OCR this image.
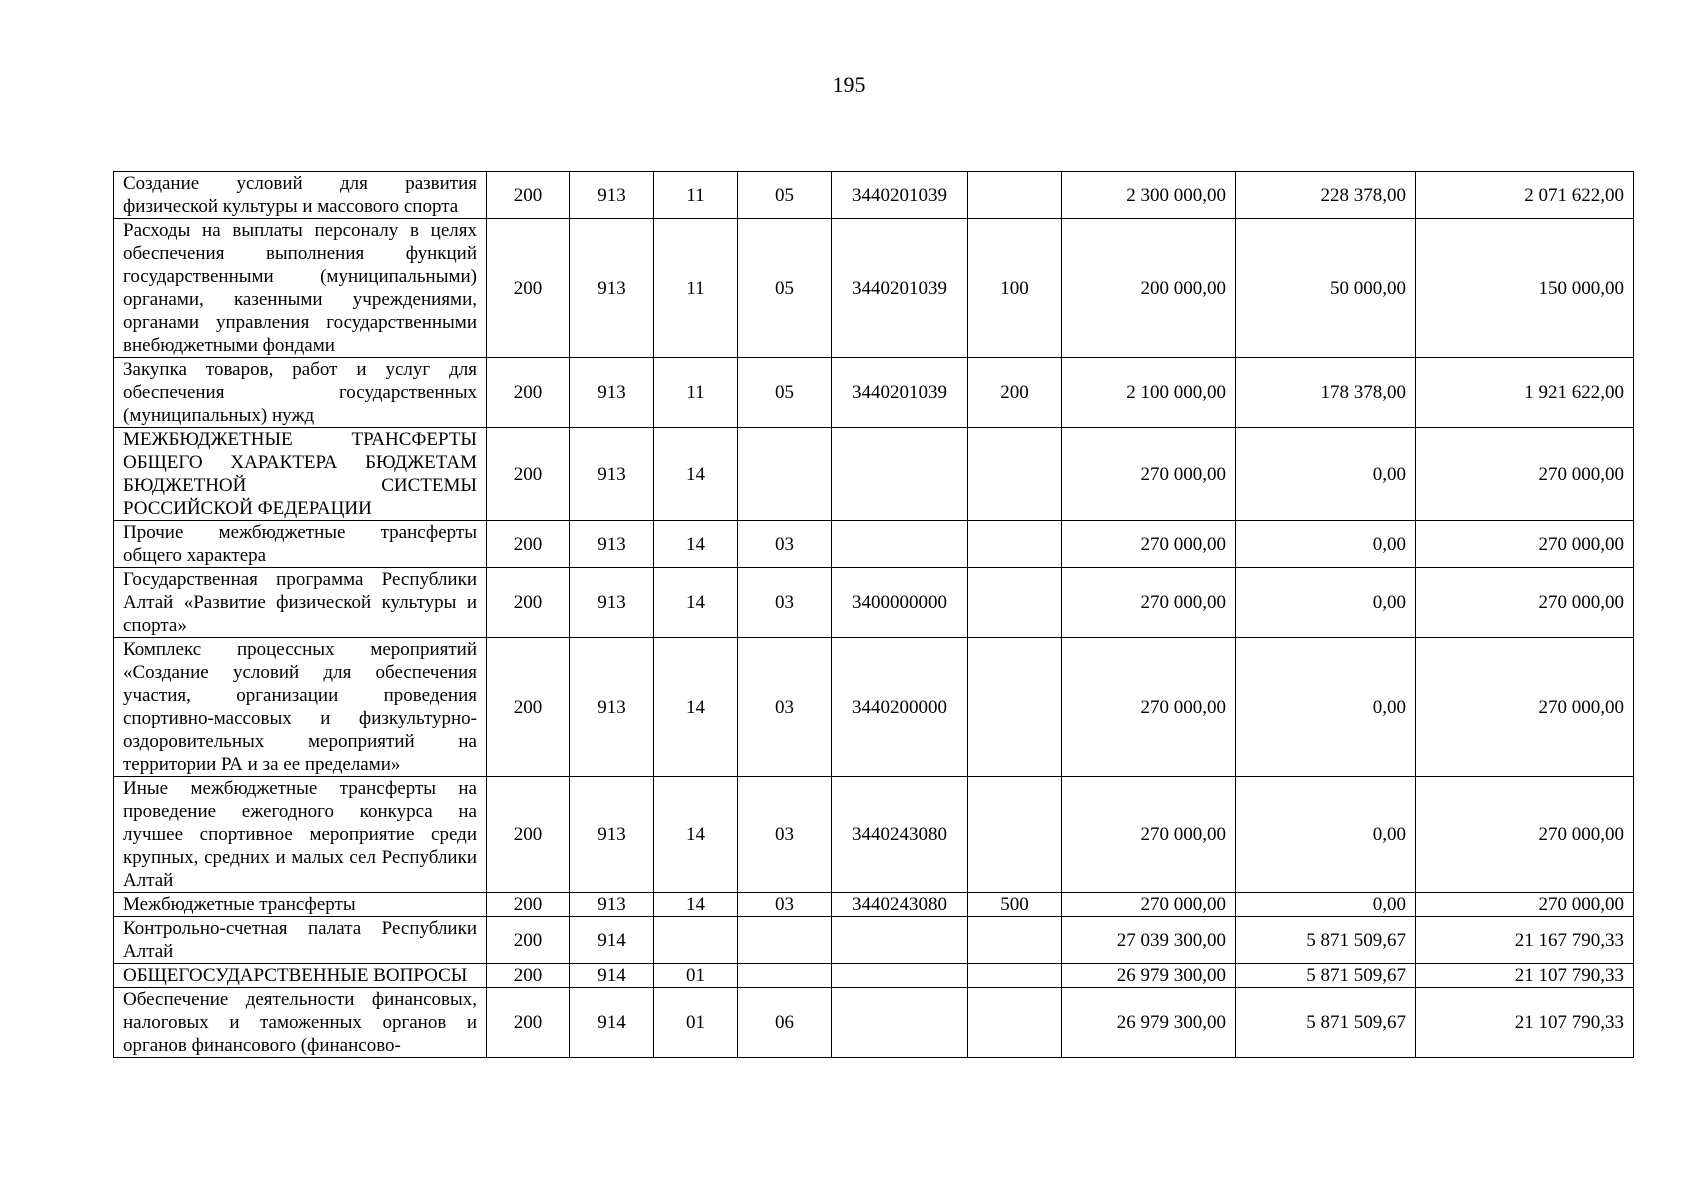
195
Создание условий для развития физической культуры и массового спорта	200	913	11	05	3440201039		2 300 000,00	228 378,00	2 071 622,00
Расходы на выплаты персоналу в целях обеспечения выполнения функций государственными (муниципальными) органами, казенными учреждениями, органами управления государственными внебюджетными фондами	200	913	11	05	3440201039	100	200 000,00	50 000,00	150 000,00
Закупка товаров, работ и услуг для обеспечения государственных (муниципальных) нужд	200	913	11	05	3440201039	200	2 100 000,00	178 378,00	1 921 622,00
МЕЖБЮДЖЕТНЫЕ ТРАНСФЕРТЫ ОБЩЕГО ХАРАКТЕРА БЮДЖЕТАМ БЮДЖЕТНОЙ СИСТЕМЫ РОССИЙСКОЙ ФЕДЕРАЦИИ	200	913	14				270 000,00	0,00	270 000,00
Прочие межбюджетные трансферты общего характера	200	913	14	03			270 000,00	0,00	270 000,00
Государственная программа Республики Алтай «Развитие физической культуры и спорта»	200	913	14	03	3400000000		270 000,00	0,00	270 000,00
Комплекс процессных мероприятий «Создание условий для обеспечения участия, организации проведения спортивно-массовых и физкультурно-оздоровительных мероприятий на территории РА и за ее пределами»	200	913	14	03	3440200000		270 000,00	0,00	270 000,00
Иные межбюджетные трансферты на проведение ежегодного конкурса на лучшее спортивное мероприятие среди крупных, средних и малых сел Республики Алтай	200	913	14	03	3440243080		270 000,00	0,00	270 000,00
Межбюджетные трансферты	200	913	14	03	3440243080	500	270 000,00	0,00	270 000,00
Контрольно-счетная палата Республики Алтай	200	914					27 039 300,00	5 871 509,67	21 167 790,33
ОБЩЕГОСУДАРСТВЕННЫЕ ВОПРОСЫ	200	914	01				26 979 300,00	5 871 509,67	21 107 790,33
Обеспечение деятельности финансовых, налоговых и таможенных органов и органов финансового (финансово-	200	914	01	06			26 979 300,00	5 871 509,67	21 107 790,33
